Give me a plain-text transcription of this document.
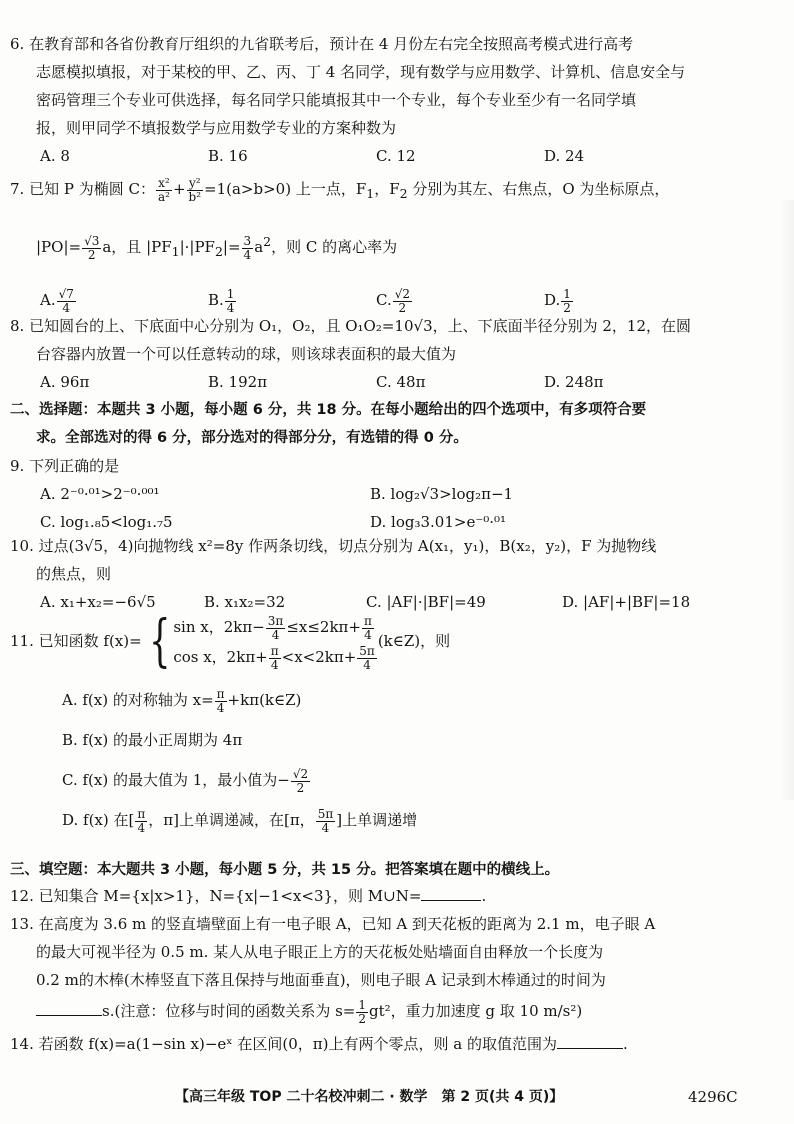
6. 在教育部和各省份教育厅组织的九省联考后，预计在 4 月份左右完全按照高考模式进行高考

志愿模拟填报，对于某校的甲、乙、丙、丁 4 名同学，现有数学与应用数学、计算机、信息安全与

密码管理三个专业可供选择，每名同学只能填报其中一个专业，每个专业至少有一名同学填

报，则甲同学不填报数学与应用数学专业的方案种数为

A. 8	B. 16	C. 12	D. 24

7. 已知 P 为椭圆 C： $\frac{\text{x²}}{\text{a²}} + \frac{\text{y²}}{\text{b²}} =1(a>b>0)$ 上一点，$F_1$，$F_2$ 分别为其左、右焦点，O 为坐标原点，

$|PO|= \frac{√3}{2}$ a，且 $|PF_1|\cdot|PF_2|= \frac{3}{4} a^2$，则 C 的离心率为

A. $\frac{√7}{4}$	B. $\frac{1}{4}$	C. $\frac{√2}{2}$	D. $\frac{1}{2}$

8. 已知圆台的上、下底面中心分别为 O₁，O₂，且 O₁O₂=10√3，上、下底面半径分别为 2，12，在圆

台容器内放置一个可以任意转动的球，则该球表面积的最大值为

A. 96π	B. 192π	C. 48π	D. 248π

二、选择题：本题共 3 小题，每小题 6 分，共 18 分。在每小题给出的四个选项中，有多项符合要

求。全部选对的得 6 分，部分选对的得部分分，有选错的得 0 分。

9. 下列正确的是

A. 2⁻⁰·⁰¹>2⁻⁰·⁰⁰¹	B. log₂√3>log₂π−1
C. log₁.₈5<log₁.₇5	D. log₃3.01>e⁻⁰·⁰¹

10. 过点(3√5，4)向抛物线 x²=8y 作两条切线，切点分别为 A(x₁，y₁)，B(x₂，y₂)，F 为抛物线

的焦点，则

A. x₁+x₂=−6√5	B. x₁x₂=32	C. |AF|·|BF|=49	D. |AF|+|BF|=18
11. 已知函数 f(x)= { sin x，$2k\pi- \frac{3\pi}{4} \le x\le 2k\pi+ \frac{\pi}{4}$
cos x，$2k\pi+ \frac{\pi}{4} <x<2k\pi+ \frac{5\pi}{4}$
(k∈Z)，则
A. f(x) 的对称轴为 $x= \frac{\pi}{4}$ +kπ(k∈Z)
B. f(x) 的最小正周期为 4π
C. f(x) 的最大值为 1，最小值为− $\frac{√2}{2}$
D. f(x) 在[ $\frac{\pi}{4}$ ，π]上单调递减，在[π， $\frac{5\pi}{4}$ ]上单调递增

三、填空题：本大题共 3 小题，每小题 5 分，共 15 分。把答案填在题中的横线上。

12. 已知集合 M={x|x>1}，N={x|−1<x<3}，则 M∪N=	.

13. 在高度为 3.6 m 的竖直墙壁面上有一电子眼 A，已知 A 到天花板的距离为 2.1 m，电子眼 A

的最大可视半径为 0.5 m. 某人从电子眼正上方的天花板处贴墙面自由释放一个长度为

0.2 m的木棒(木棒竖直下落且保持与地面垂直)，则电子眼 A 记录到木棒通过的时间为

s.(注意：位移与时间的函数关系为 $s= \frac{1}{2} gt^2$，重力加速度 g 取 10 m/s²)

14. 若函数 f(x)=a(1−sin x)−eˣ 在区间(0，π)上有两个零点，则 a 的取值范围为	.

【高三年级 TOP 二十名校冲刺二 · 数学　第 2 页(共 4 页)】	4296C
